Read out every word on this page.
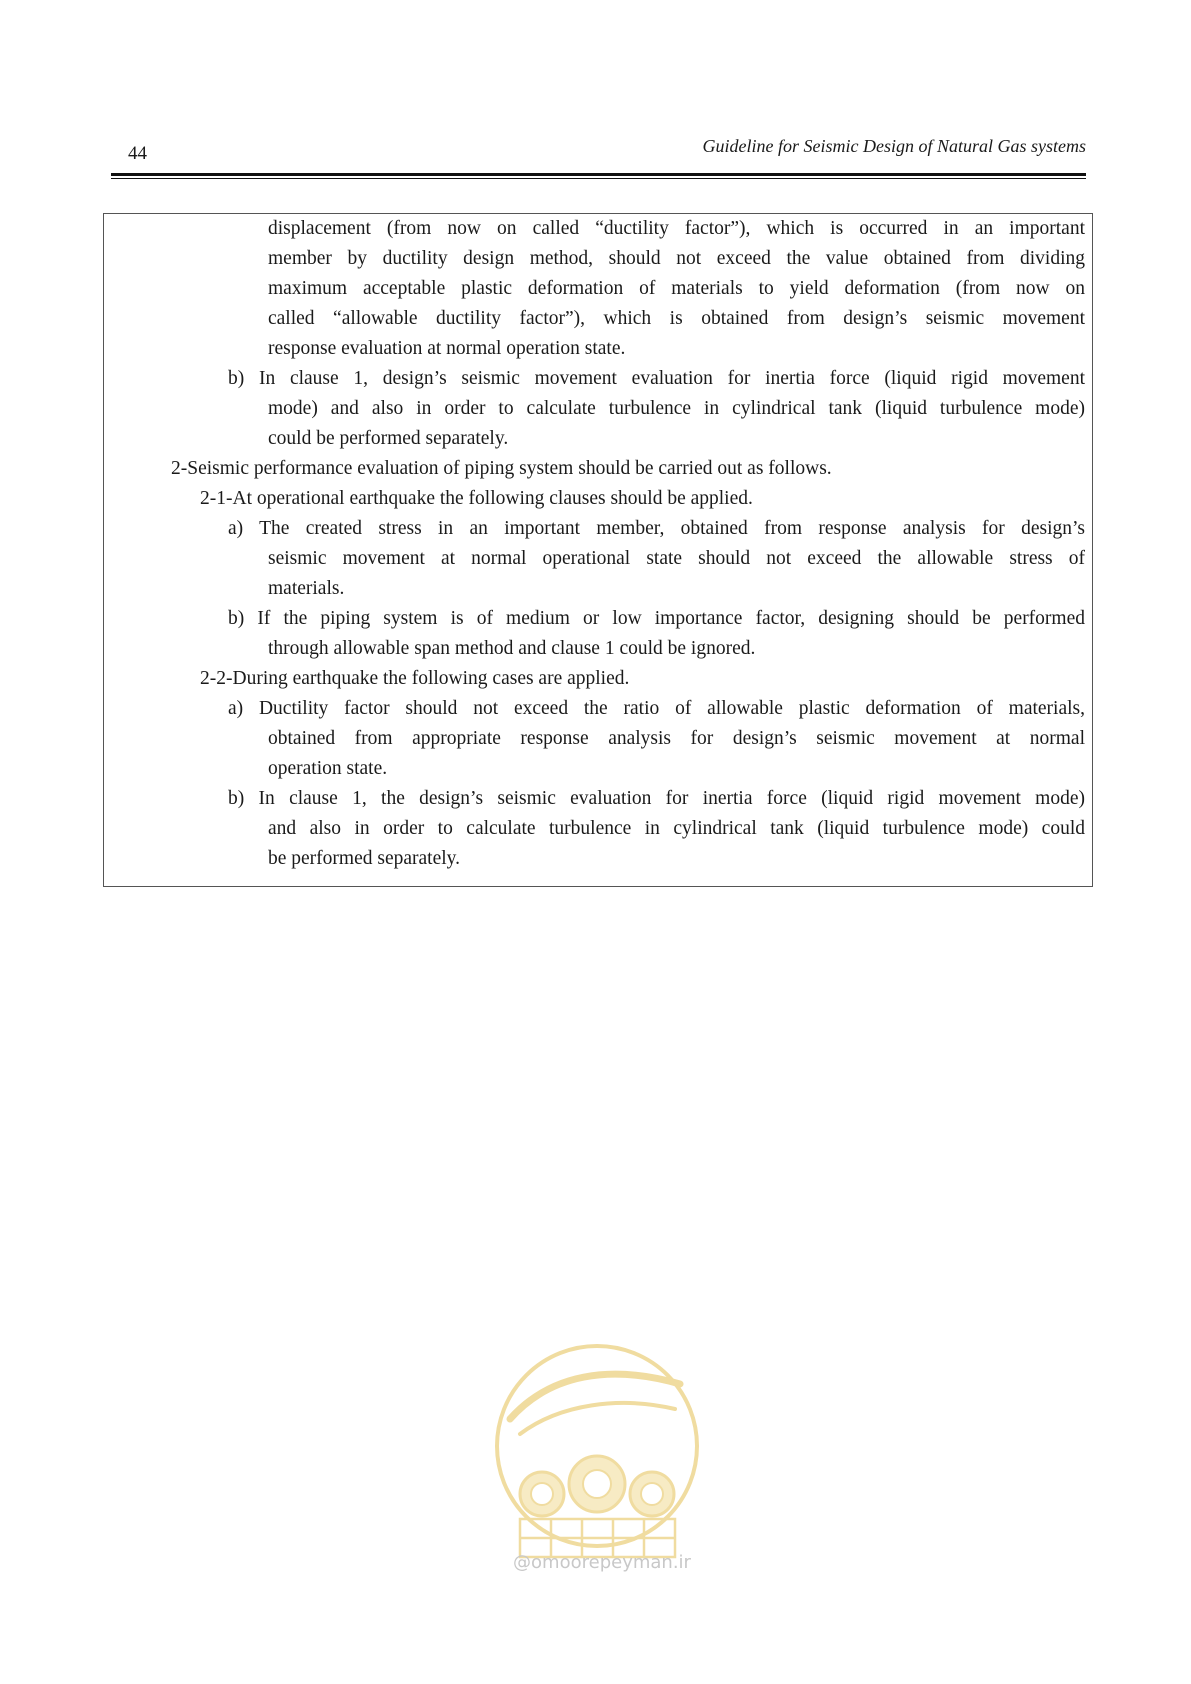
44	Guideline for Seismic Design of Natural Gas systems
displacement (from now on called “ductility factor”), which is occurred in an important
member by ductility design method, should not exceed the value obtained from dividing
maximum acceptable plastic deformation of materials to yield deformation (from now on
called “allowable ductility factor”), which is obtained from design’s seismic movement
response evaluation at normal operation state.
b) In clause 1, design’s seismic movement evaluation for inertia force (liquid rigid movement
mode) and also in order to calculate turbulence in cylindrical tank (liquid turbulence mode)
could be performed separately.
2-Seismic performance evaluation of piping system should be carried out as follows.
2-1-At operational earthquake the following clauses should be applied.
a) The created stress in an important member, obtained from response analysis for design’s
seismic movement at normal operational state should not exceed the allowable stress of
materials.
b) If the piping system is of medium or low importance factor, designing should be performed
through allowable span method and clause 1 could be ignored.
2-2-During earthquake the following cases are applied.
a) Ductility factor should not exceed the ratio of allowable plastic deformation of materials,
obtained from appropriate response analysis for design’s seismic movement at normal
operation state.
b) In clause 1, the design’s seismic evaluation for inertia force (liquid rigid movement mode)
and also in order to calculate turbulence in cylindrical tank (liquid turbulence mode) could
be performed separately.
@omoorepeyman.ir
